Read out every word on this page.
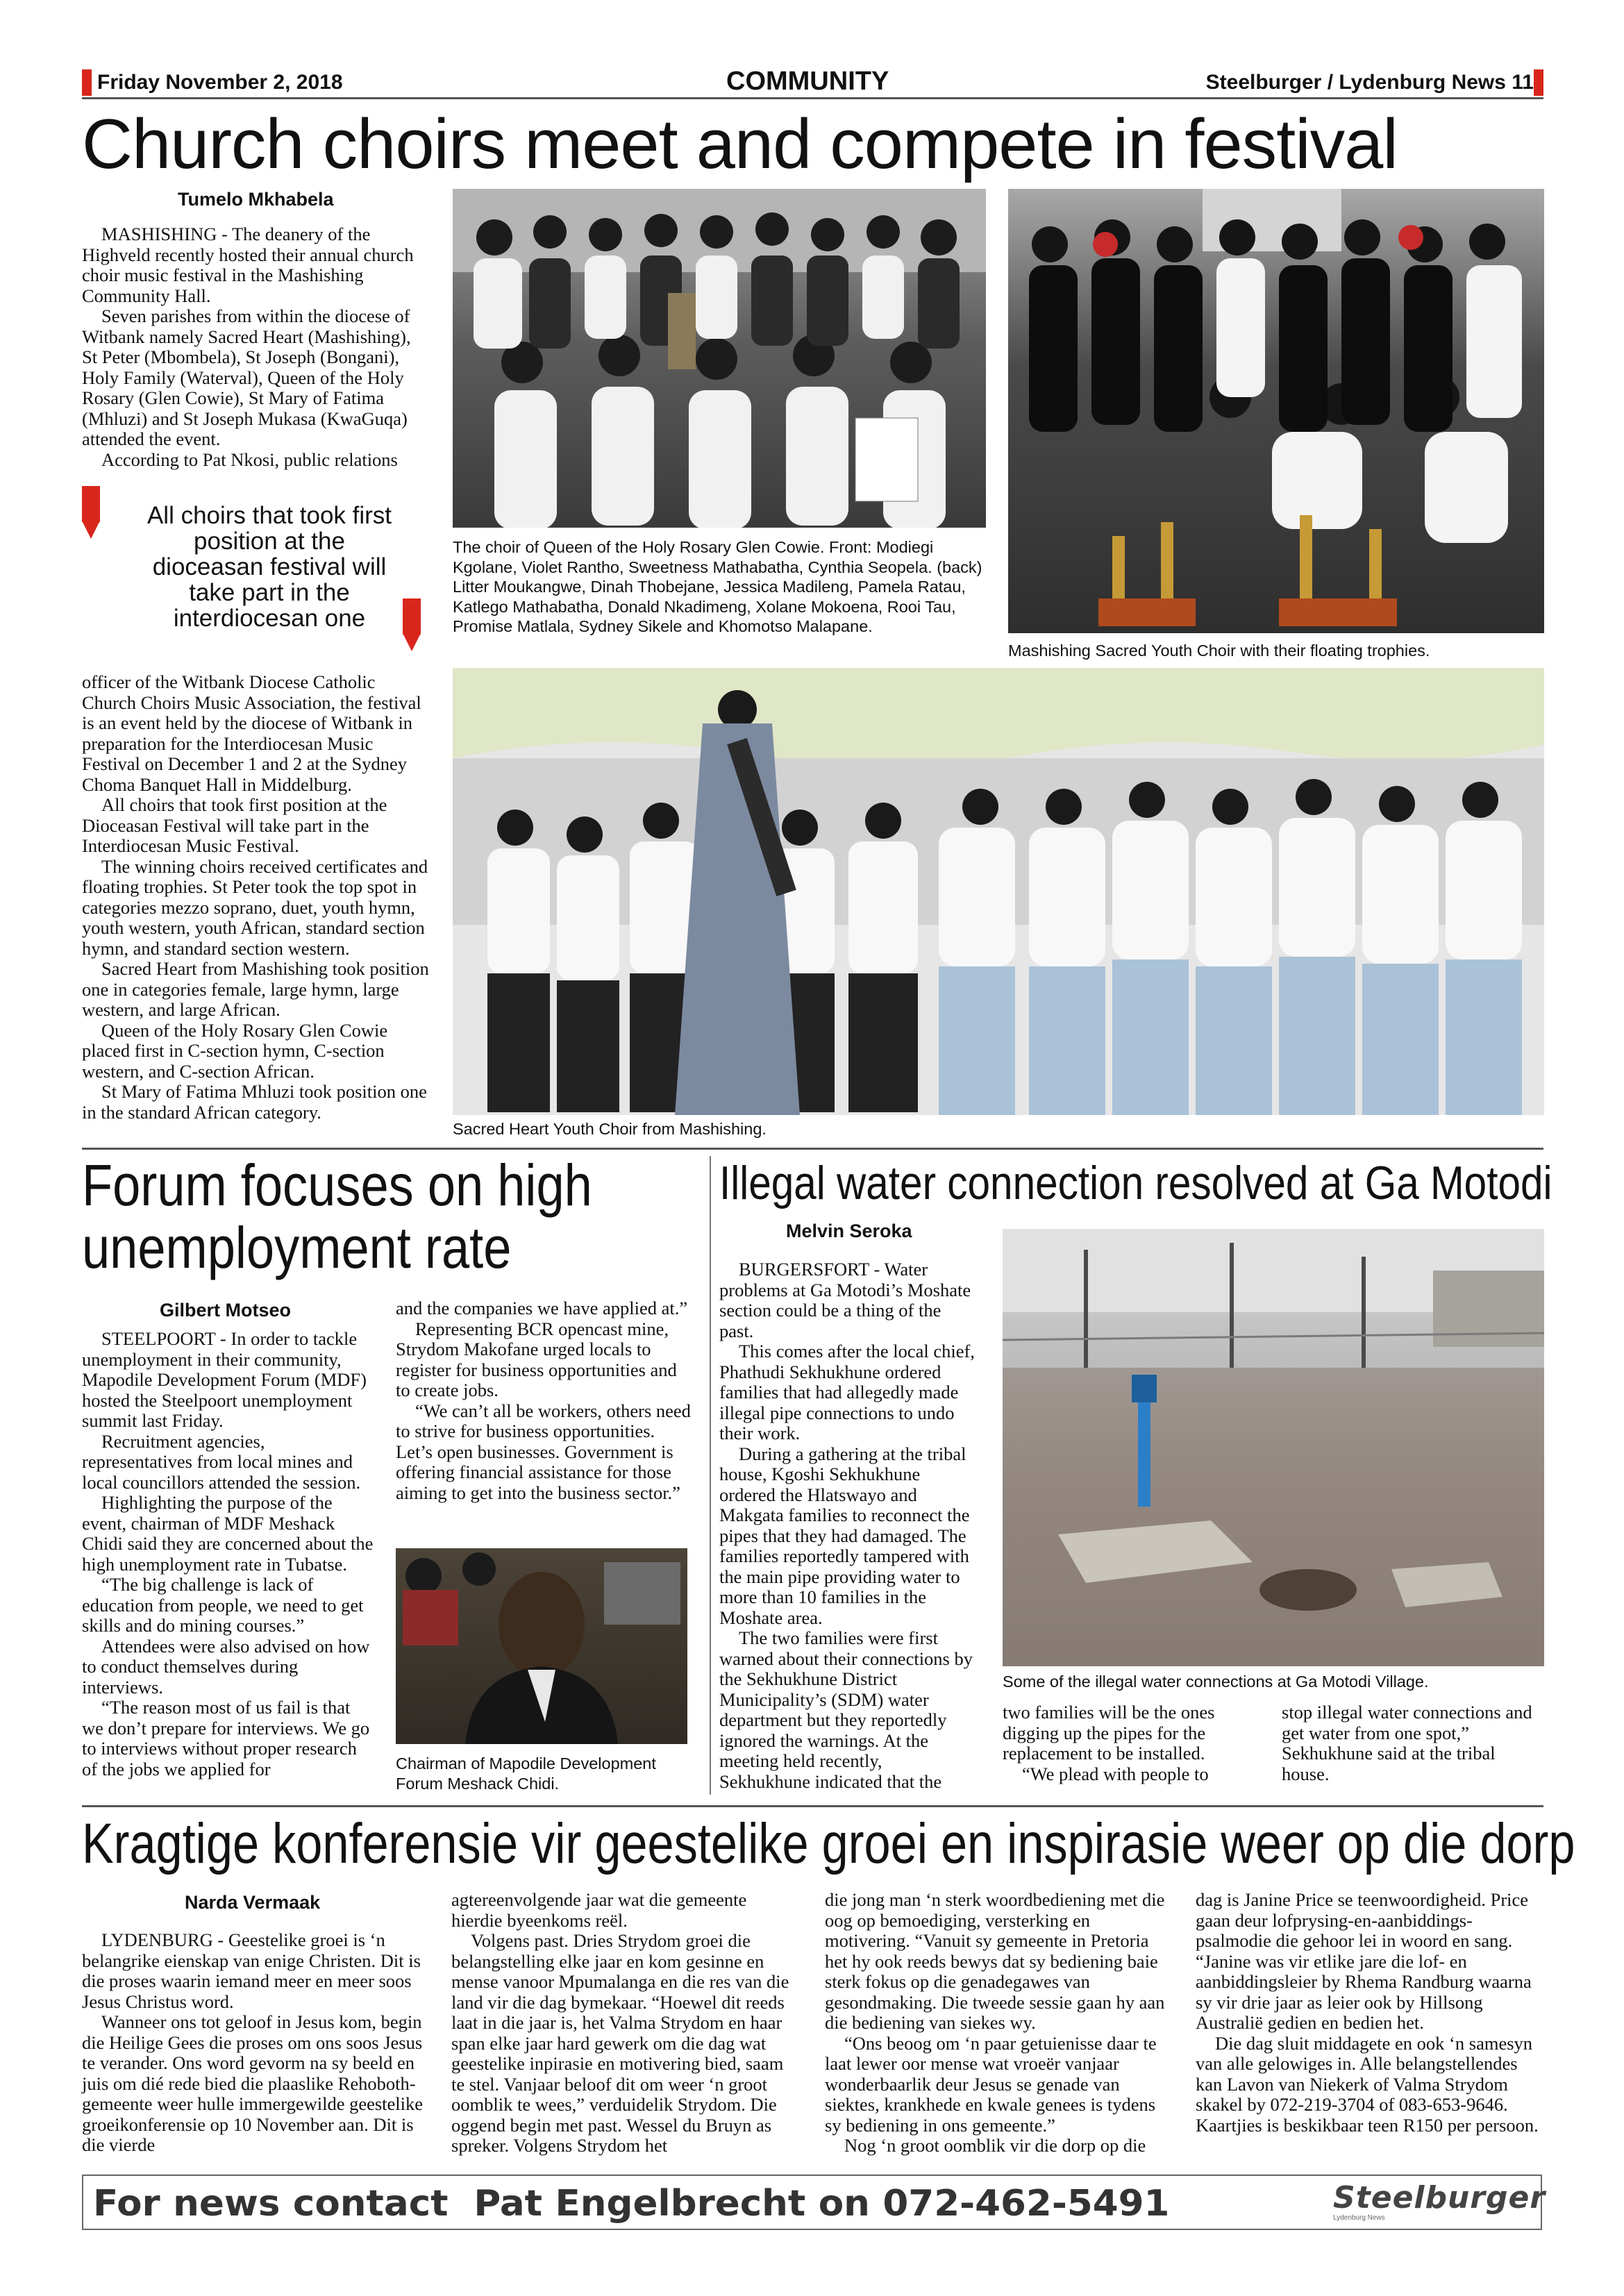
Friday November 2, 2018	COMMUNITY	Steelburger / Lydenburg News 11
Church choirs meet and compete in festival
Tumelo Mkhabela

MASHISHING - The deanery of the Highveld recently hosted their annual church choir music festival in the Mashishing Community Hall.

Seven parishes from within the diocese of Witbank namely Sacred Heart (Mashishing), St Peter (Mbombela), St Joseph (Bongani), Holy Family (Waterval), Queen of the Holy Rosary (Glen Cowie), St Mary of Fatima (Mhluzi) and St Joseph Mukasa (KwaGuqa) attended the event.

According to Pat Nkosi, public relations

All choirs that took first position at the dioceasan festival will take part in the interdiocesan one

officer of the Witbank Diocese Catholic Church Choirs Music Association, the festival is an event held by the diocese of Witbank in preparation for the Interdiocesan Music Festival on December 1 and 2 at the Sydney Choma Banquet Hall in Middelburg.

All choirs that took first position at the Dioceasan Festival will take part in the Interdiocesan Music Festival.

The winning choirs received certificates and floating trophies. St Peter took the top spot in categories mezzo soprano, duet, youth hymn, youth western, youth African, standard section hymn, and standard section western.

Sacred Heart from Mashishing took position one in categories female, large hymn, large western, and large African.

Queen of the Holy Rosary Glen Cowie placed first in C-section hymn, C-section western, and C-section African.

St Mary of Fatima Mhluzi took position one in the standard African category.

The choir of Queen of the Holy Rosary Glen Cowie. Front: Modiegi Kgolane, Violet Rantho, Sweetness Mathabatha, Cynthia Seopela. (back) Litter Moukangwe, Dinah Thobejane, Jessica Madileng, Pamela Ratau, Katlego Mathabatha, Donald Nkadimeng, Xolane Mokoena, Rooi Tau, Promise Matlala, Sydney Sikele and Khomotso Malapane.
Mashishing Sacred Youth Choir with their floating trophies.
Sacred Heart Youth Choir from Mashishing.
Forum focuses on high
unemployment rate
Gilbert Motseo

STEELPOORT - In order to tackle unemployment in their community, Mapodile Development Forum (MDF) hosted the Steelpoort unemployment summit last Friday.

Recruitment agencies, representatives from local mines and local councillors attended the session.

Highlighting the purpose of the event, chairman of MDF Meshack Chidi said they are concerned about the high unemployment rate in Tubatse.

“The big challenge is lack of education from people, we need to get skills and do mining courses.”

Attendees were also advised on how to conduct themselves during interviews.

“The reason most of us fail is that we don’t prepare for interviews. We go to interviews without proper research of the jobs we applied for

and the companies we have applied at.”

Representing BCR opencast mine, Strydom Makofane urged locals to register for business opportunities and to create jobs.

“We can’t all be workers, others need to strive for business opportunities. Let’s open businesses. Government is offering financial assistance for those aiming to get into the business sector.”

Chairman of Mapodile Development Forum Meshack Chidi.
Illegal water connection resolved at Ga Motodi
Melvin Seroka

BURGERSFORT - Water problems at Ga Motodi’s Moshate section could be a thing of the past.

This comes after the local chief, Phathudi Sekhukhune ordered families that had allegedly made illegal pipe connections to undo their work.

During a gathering at the tribal house, Kgoshi Sekhukhune ordered the Hlatswayo and Makgata families to reconnect the pipes that they had damaged. The families reportedly tampered with the main pipe providing water to more than 10 families in the Moshate area.

The two families were first warned about their connections by the Sekhukhune District Municipality’s (SDM) water department but they reportedly ignored the warnings. At the meeting held recently, Sekhukhune indicated that the

Some of the illegal water connections at Ga Motodi Village.

two families will be the ones digging up the pipes for the replacement to be installed.

“We plead with people to

stop illegal water connections and get water from one spot,” Sekhukhune said at the tribal house.

Kragtige konferensie vir geestelike groei en inspirasie weer op die dorp
Narda Vermaak

LYDENBURG - Geestelike groei is ‘n belangrike eienskap van enige Christen. Dit is die proses waarin iemand meer en meer soos Jesus Christus word.

Wanneer ons tot geloof in Jesus kom, begin die Heilige Gees die proses om ons soos Jesus te verander. Ons word gevorm na sy beeld en juis om dié rede bied die plaaslike Rehoboth-gemeente weer hulle immergewilde geestelike groeikonferensie op 10 November aan. Dit is die vierde

agtereenvolgende jaar wat die gemeente hierdie byeenkoms reël.

Volgens past. Dries Strydom groei die belangstelling elke jaar en kom gesinne en mense vanoor Mpumalanga en die res van die land vir die dag bymekaar. “Hoewel dit reeds laat in die jaar is, het Valma Strydom en haar span elke jaar hard gewerk om die dag wat geestelike inpirasie en motivering bied, saam te stel. Vanjaar beloof dit om weer ‘n groot oomblik te wees,” verduidelik Strydom. Die oggend begin met past. Wessel du Bruyn as spreker. Volgens Strydom het

die jong man ‘n sterk woordbediening met die oog op bemoediging, versterking en motivering. “Vanuit sy gemeente in Pretoria het hy ook reeds bewys dat sy bediening baie sterk fokus op die genadegawes van gesondmaking. Die tweede sessie gaan hy aan die bediening van siekes wy.

“Ons beoog om ‘n paar getuienisse daar te laat lewer oor mense wat vroeër vanjaar wonderbaarlik deur Jesus se genade van siektes, krankhede en kwale genees is tydens sy bediening in ons gemeente.”

Nog ‘n groot oomblik vir die dorp op die

dag is Janine Price se teenwoordigheid. Price gaan deur lofprysing-en-aanbiddings-psalmodie die gehoor lei in woord en sang. “Janine was vir etlike jare die lof- en aanbiddingsleier by Rhema Randburg waarna sy vir drie jaar as leier ook by Hillsong Australië gedien en bedien het.

Die dag sluit middagete en ook ‘n samesyn van alle gelowiges in. Alle belangstellendes kan Lavon van Niekerk of Valma Strydom skakel by 072-219-3704 of 083-653-9646. Kaartjies is beskikbaar teen R150 per persoon.

For news contact  Pat Engelbrecht on 072-462-5491	Steelburger
Lydenburg News
